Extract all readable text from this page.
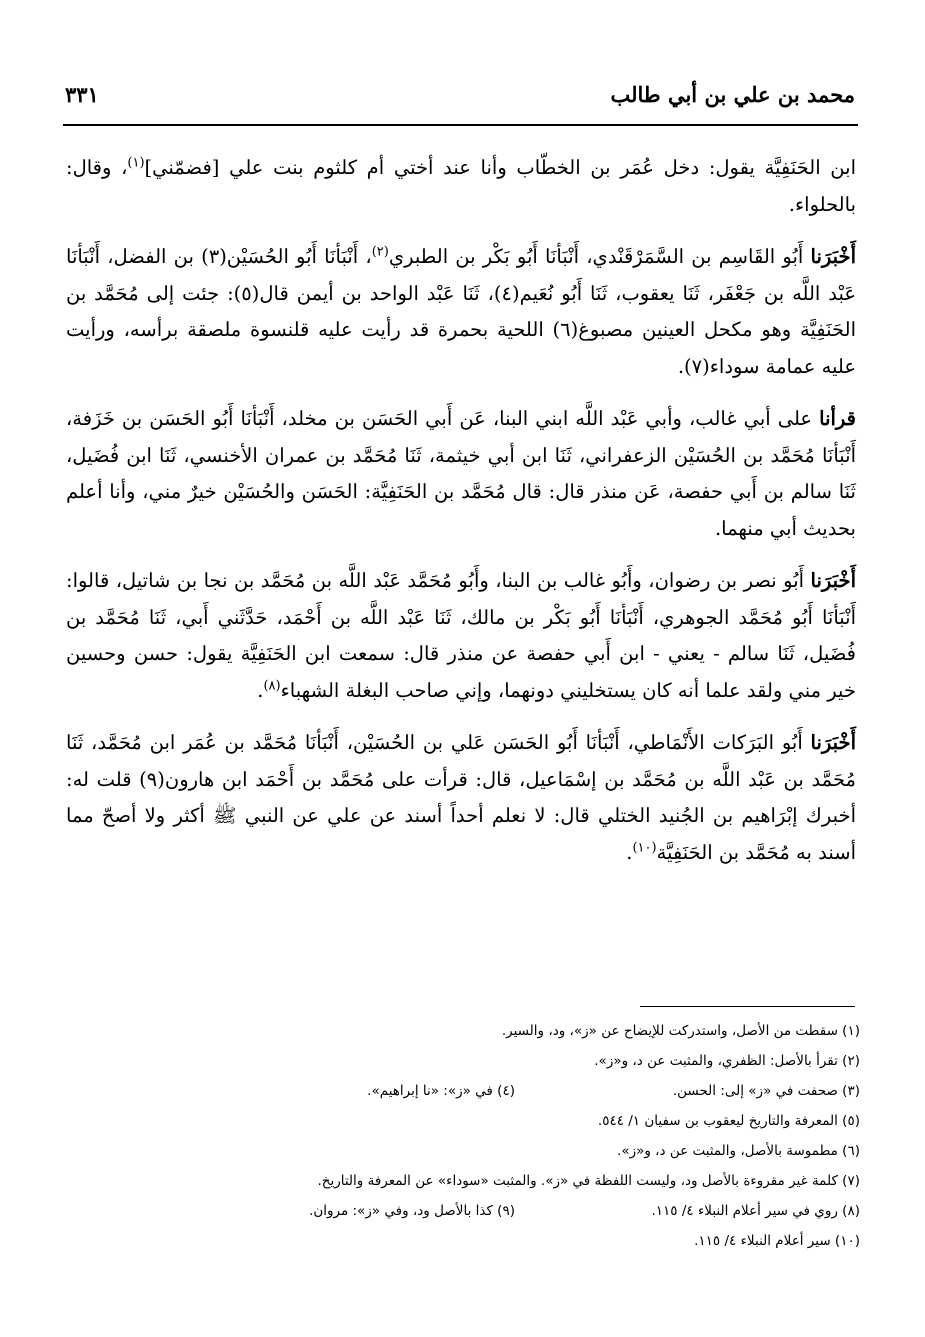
محمد بن علي بن أبي طالب
٣٣١

ابن الحَنَفِيَّة يقول: دخل عُمَر بن الخطّاب وأنا عند أختي أم كلثوم بنت علي [فضمّني]$^{(١)}$، وقال: بالحلواء.

أَخْبَرَنا أَبُو القَاسِم بن السَّمَرْقَنْدي، أَنْبَأنَا أَبُو بَكْر بن الطبري$^{(٢)}$، أَنْبَأنَا أَبُو الحُسَيْن(٣) بن الفضل، أَنْبَأنَا عَبْد اللَّه بن جَعْفَر، ثَنَا يعقوب، ثَنَا أَبُو نُعَيم(٤)، ثَنَا عَبْد الواحد بن أيمن قال(٥): جئت إلى مُحَمَّد بن الحَنَفِيَّة وهو مكحل العينين مصبوغ(٦) اللحية بحمرة قد رأيت عليه قلنسوة ملصقة برأسه، ورأيت عليه عمامة سوداء(٧).

قرأنا على أبي غالب، وأبي عَبْد اللَّه ابني البنا، عَن أَبي الحَسَن بن مخلد، أَنْبَأنَا أَبُو الحَسَن بن خَزَفة، أَنْبَأنَا مُحَمَّد بن الحُسَيْن الزعفراني، ثَنَا ابن أبي خيثمة، ثَنَا مُحَمَّد بن عمران الأخنسي، ثَنَا ابن فُضَيل، ثَنَا سالم بن أَبي حفصة، عَن منذر قال: قال مُحَمَّد بن الحَنَفِيَّة: الحَسَن والحُسَيْن خيرٌ مني، وأنا أعلم بحديث أبي منهما.

أَخْبَرَنا أَبُو نصر بن رضوان، وأَبُو غالب بن البنا، وأَبُو مُحَمَّد عَبْد اللَّه بن مُحَمَّد بن نجا بن شاتيل، قالوا: أَنْبَأنَا أَبُو مُحَمَّد الجوهري، أَنْبَأنَا أَبُو بَكْر بن مالك، ثَنَا عَبْد اللَّه بن أَحْمَد، حَدَّثَني أَبي، ثَنَا مُحَمَّد بن فُضَيل، ثَنَا سالم - يعني - ابن أَبي حفصة عن منذر قال: سمعت ابن الحَنَفِيَّة يقول: حسن وحسين خير مني ولقد علما أنه كان يستخليني دونهما، وإني صاحب البغلة الشهباء$^{(٨)}$.

أَخْبَرَنا أَبُو البَرَكات الأَنْمَاطي، أَنْبَأنَا أَبُو الحَسَن عَلي بن الحُسَيْن، أَنْبَأنَا مُحَمَّد بن عُمَر ابن مُحَمَّد، ثَنَا مُحَمَّد بن عَبْد اللَّه بن مُحَمَّد بن إسْمَاعيل، قال: قرأت على مُحَمَّد بن أَحْمَد ابن هارون(٩) قلت له: أخبرك إبْرَاهيم بن الجُنيد الختلي قال: لا نعلم أحداً أسند عن علي عن النبي ﷺ أكثر ولا أصحّ مما أسند به مُحَمَّد بن الحَنَفِيَّة$^{(١٠)}$.

(١) سقطت من الأصل، واستدركت للإيضاح عن «ز»، ود، والسير.
(٢) تقرأ بالأصل: الظفري، والمثبت عن د، و«ز».
(٣) صحفت في «ز» إلى: الحسن.
(٤) في «ز»: «نا إبراهيم».
(٥) المعرفة والتاريخ ليعقوب بن سفيان ١/ ٥٤٤.
(٦) مطموسة بالأصل، والمثبت عن د، و«ز».
(٧) كلمة غير مقروءة بالأصل ود، وليست اللفظة في «ز». والمثبت «سوداء» عن المعرفة والتاريخ.
(٨) روي في سير أعلام النبلاء ٤/ ١١٥.
(٩) كذا بالأصل ود، وفي «ز»: مروان.
(١٠) سير أعلام النبلاء ٤/ ١١٥.
